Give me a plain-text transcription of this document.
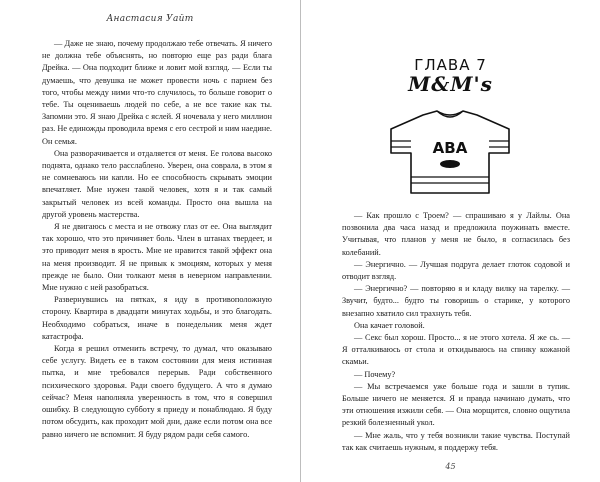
Анастасия Уайт

— Даже не знаю, почему продолжаю тебе отвечать. Я ничего не должна тебе объяснять, но повторю еще раз ради блага Дрейка. — Она подходит ближе и ловит мой взгляд. — Если ты думаешь, что девушка не может провести ночь с парнем без того, чтобы между ними что-то случилось, то больше говорит о тебе. Ты оцениваешь людей по себе, а не все такие как ты. Запомни это. Я знаю Дрейка с яслей. Я ночевала у него миллион раз. Не единожды проводила время с его сестрой и ним наедине. Он семья.

Она разворачивается и отдаляется от меня. Ее голова высоко поднята, однако тело расслаблено. Уверен, она соврала, в этом я не сомневаюсь ни капли. Но ее способность скрывать эмоции впечатляет. Мне нужен такой человек, хотя я и так самый закрытый человек из всей команды. Просто она вышла на другой уровень мастерства.

Я не двигаюсь с места и не отвожу глаз от ее. Она выглядит так хорошо, что это причиняет боль. Член в штанах твердеет, и это приводит меня в ярость. Мне не нравится такой эффект она на меня производит. Я не привык к эмоциям, которых у меня прежде не было. Они толкают меня в неверном направлении. Мне нужно с ней разобраться.

Развернувшись на пятках, я иду в противоположную сторону. Квартира в двадцати минутах ходьбы, и это благодать. Необходимо собраться, иначе в понедельник меня ждет катастрофа.

Когда я решил отменить встречу, то думал, что оказываю себе услугу. Видеть ее в таком состоянии для меня истинная пытка, и мне требовался перерыв. Ради собственного психического здоровья. Ради своего будущего. А что я думаю сейчас? Меня наполняла уверенность в том, что я совершил ошибку. В следующую субботу я приеду и понаблюдаю. Я буду потом обсудить, как проходит мой дни, даже если потом она все равно ничего не вспомнит. Я буду рядом ради себя самого.

ГЛАВА 7
M&M's
АВА

— Как прошло с Троем? — спрашиваю я у Лайлы. Она позвонила два часа назад и предложила поужинать вместе. Учитывая, что планов у меня не было, я согласилась без колебаний.

— Энергично. — Лучшая подруга делает глоток содовой и отводит взгляд.

— Энергично? — повторяю я и кладу вилку на тарелку. — Звучит, будто... будто ты говоришь о старике, у которого внезапно хватило сил трахнуть тебя.

Она качает головой.

— Секс был хорош. Просто... я не этого хотела. Я же сь. — Я отталкиваюсь от стола и откидываюсь на спинку кожаной скамьи.

— Почему?

— Мы встречаемся уже больше года и зашли в тупик. Больше ничего не меняется. Я и правда начинаю думать, что эти отношения изжили себя. — Она морщится, словно ощутила резкий болезненный укол.

— Мне жаль, что у тебя возникли такие чувства. Поступай так как считаешь нужным, я поддержу тебя.

45
